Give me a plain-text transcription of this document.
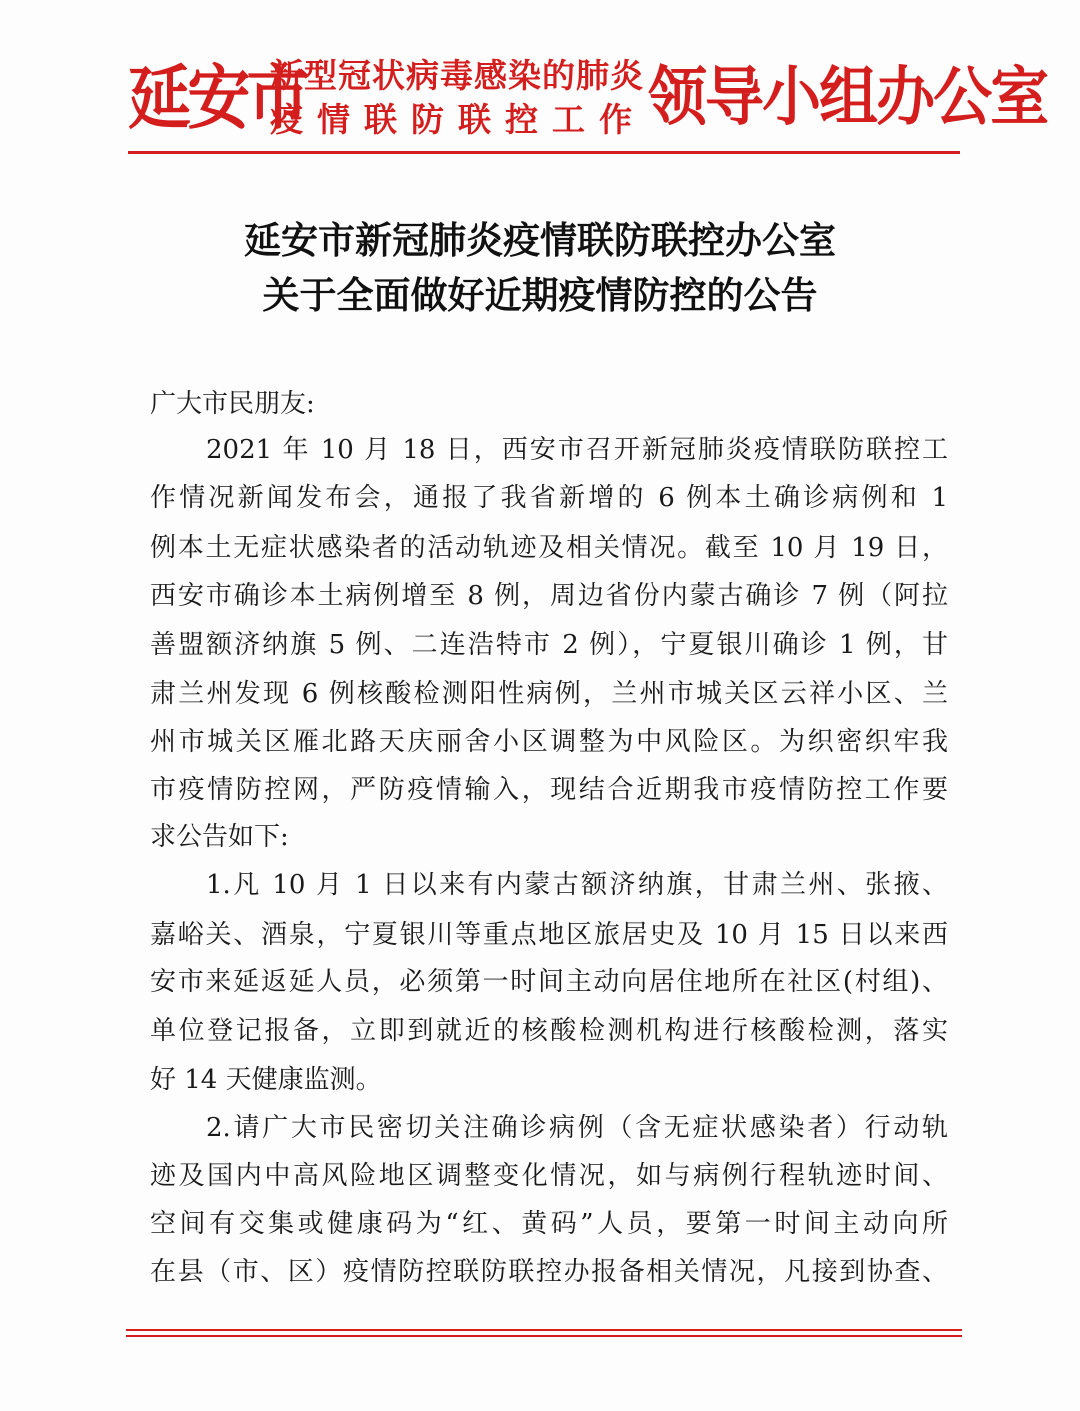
延安市
新型冠状病毒感染的肺炎
疫情联防联控工作 领导小组办公室
延安市新冠肺炎疫情联防联控办公室
关于全面做好近期疫情防控的公告
广大市民朋友:
2021 年 10 月 18 日，西安市召开新冠肺炎疫情联防联控工
作情况新闻发布会，通报了我省新增的 6 例本土确诊病例和 1
例本土无症状感染者的活动轨迹及相关情况。截至 10 月 19 日，
西安市确诊本土病例增至 8 例，周边省份内蒙古确诊 7 例（阿拉
善盟额济纳旗 5 例、二连浩特市 2 例），宁夏银川确诊 1 例，甘
肃兰州发现 6 例核酸检测阳性病例，兰州市城关区云祥小区、兰
州市城关区雁北路天庆丽舍小区调整为中风险区。为织密织牢我
市疫情防控网，严防疫情输入，现结合近期我市疫情防控工作要
求公告如下:
1.凡 10 月 1 日以来有内蒙古额济纳旗，甘肃兰州、张掖、
嘉峪关、酒泉，宁夏银川等重点地区旅居史及 10 月 15 日以来西
安市来延返延人员，必须第一时间主动向居住地所在社区(村组)、
单位登记报备，立即到就近的核酸检测机构进行核酸检测，落实
好 14 天健康监测。
2.请广大市民密切关注确诊病例（含无症状感染者）行动轨
迹及国内中高风险地区调整变化情况，如与病例行程轨迹时间、
空间有交集或健康码为“红、黄码”人员，要第一时间主动向所
在县（市、区）疫情防控联防联控办报备相关情况，凡接到协查、
